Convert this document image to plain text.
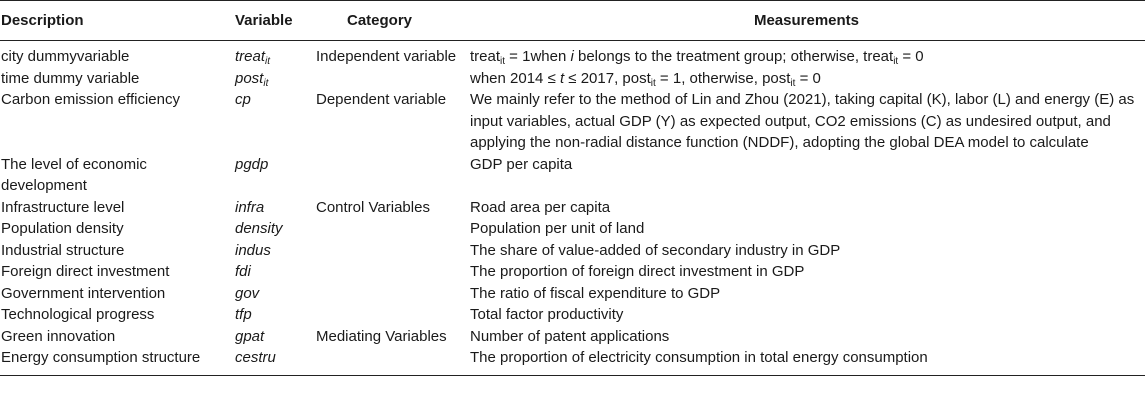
Description	Variable	Category	Measurements
city dummyvariable	treat$_{it}$	Independent variable	treat$_{it}$ = 1when i belongs to the treatment group; otherwise, treat$_{it}$ = 0
time dummy variable	post$_{it}$		when 2014 ≤ t ≤ 2017, post$_{it}$ = 1, otherwise, post$_{it}$ = 0
Carbon emission efficiency	cp	Dependent variable	We mainly refer to the method of Lin and Zhou (2021), taking capital (K), labor (L) and energy (E) as input variables, actual GDP (Y) as expected output, CO2 emissions (C) as undesired output, and applying the non-radial distance function (NDDF), adopting the global DEA model to calculate
The level of economic development	pgdp		GDP per capita
Infrastructure level	infra	Control Variables	Road area per capita
Population density	density		Population per unit of land
Industrial structure	indus		The share of value-added of secondary industry in GDP
Foreign direct investment	fdi		The proportion of foreign direct investment in GDP
Government intervention	gov		The ratio of fiscal expenditure to GDP
Technological progress	tfp		Total factor productivity
Green innovation	gpat	Mediating Variables	Number of patent applications
Energy consumption structure	cestru		The proportion of electricity consumption in total energy consumption
